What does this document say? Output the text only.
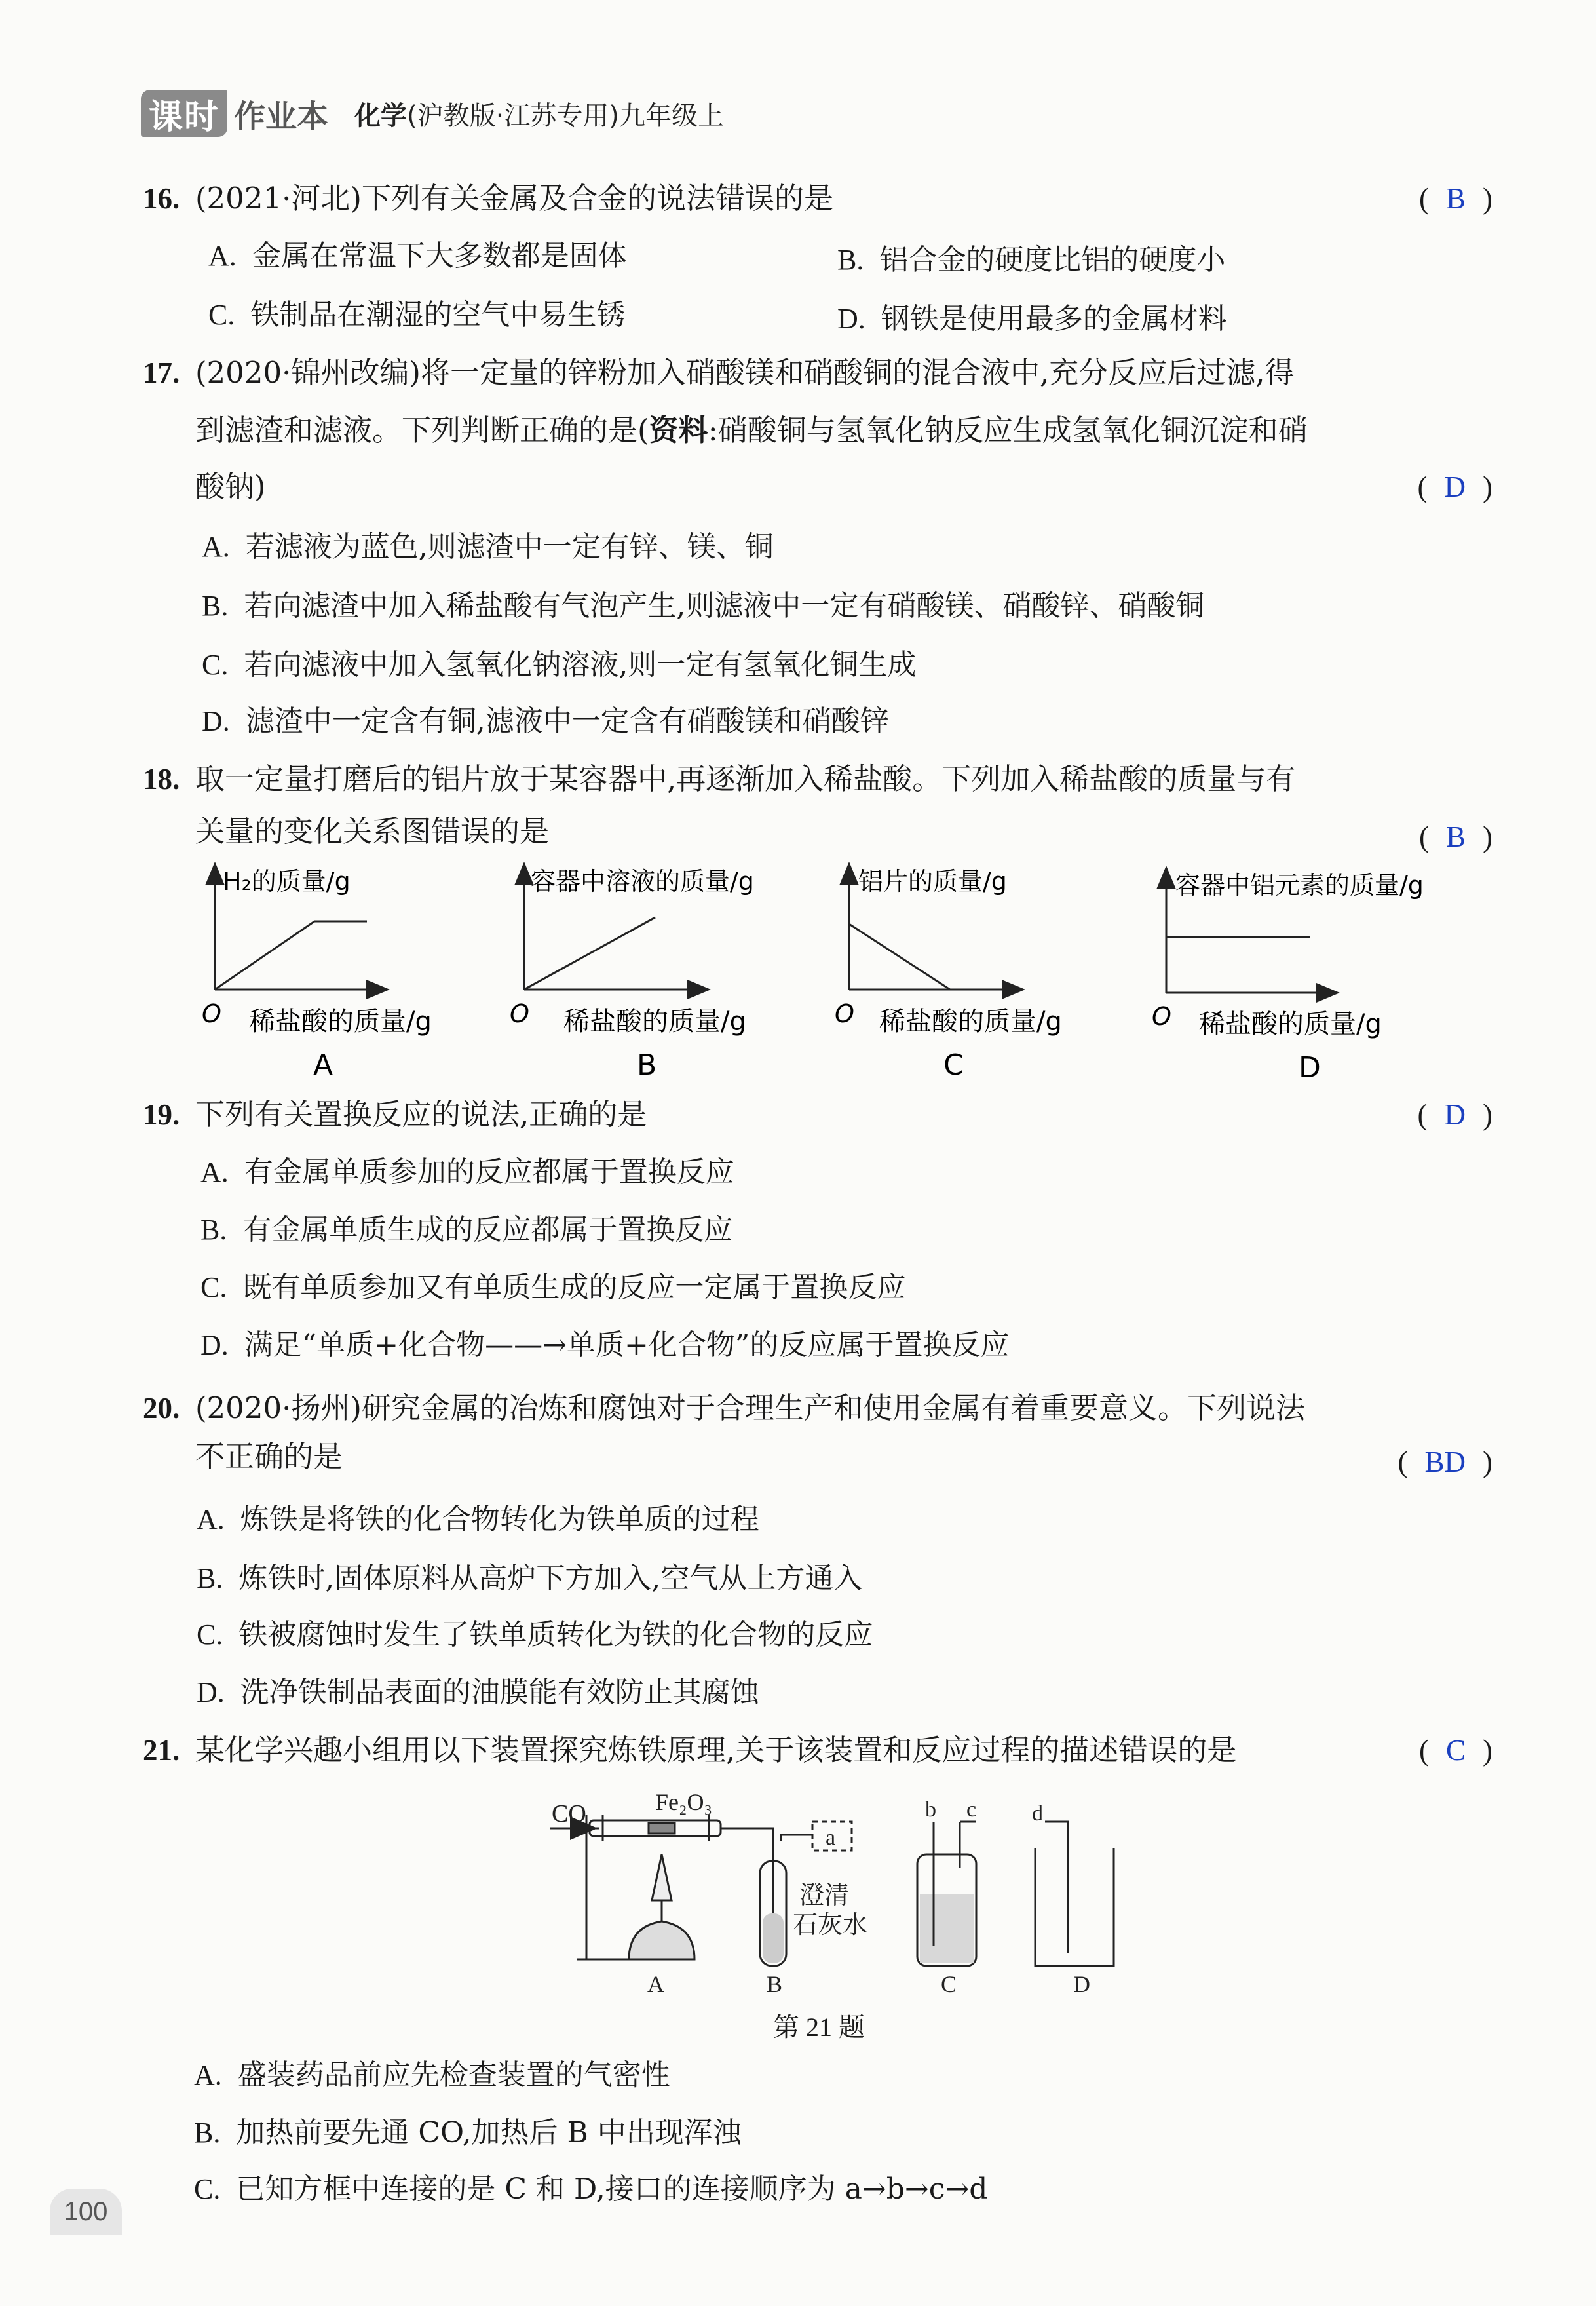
课时 作业本 化学(沪教版·江苏专用)九年级上
16. (2021·河北)下列有关金属及合金的说法错误的是	( B )
A. 金属在常温下大多数都是固体	B. 铝合金的硬度比铝的硬度小
C. 铁制品在潮湿的空气中易生锈	D. 钢铁是使用最多的金属材料
17. (2020·锦州改编)将一定量的锌粉加入硝酸镁和硝酸铜的混合液中,充分反应后过滤,得
到滤渣和滤液。下列判断正确的是(资料:硝酸铜与氢氧化钠反应生成氢氧化铜沉淀和硝
酸钠)	( D )
A. 若滤液为蓝色,则滤渣中一定有锌、镁、铜
B. 若向滤渣中加入稀盐酸有气泡产生,则滤液中一定有硝酸镁、硝酸锌、硝酸铜
C. 若向滤液中加入氢氧化钠溶液,则一定有氢氧化铜生成
D. 滤渣中一定含有铜,滤液中一定含有硝酸镁和硝酸锌
18. 取一定量打磨后的铝片放于某容器中,再逐渐加入稀盐酸。下列加入稀盐酸的质量与有
关量的变化关系图错误的是	( B )
H₂的质量/g
O 稀盐酸的质量/g
A
容器中溶液的质量/g
O 稀盐酸的质量/g
B
铝片的质量/g
O 稀盐酸的质量/g
C
容器中铝元素的质量/g
O 稀盐酸的质量/g
D
19. 下列有关置换反应的说法,正确的是	( D )
A. 有金属单质参加的反应都属于置换反应
B. 有金属单质生成的反应都属于置换反应
C. 既有单质参加又有单质生成的反应一定属于置换反应
D. 满足“单质+化合物——→单质+化合物”的反应属于置换反应
20. (2020·扬州)研究金属的冶炼和腐蚀对于合理生产和使用金属有着重要意义。下列说法
不正确的是	( BD )
A. 炼铁是将铁的化合物转化为铁单质的过程
B. 炼铁时,固体原料从高炉下方加入,空气从上方通入
C. 铁被腐蚀时发生了铁单质转化为铁的化合物的反应
D. 洗净铁制品表面的油膜能有效防止其腐蚀
21. 某化学兴趣小组用以下装置探究炼铁原理,关于该装置和反应过程的描述错误的是	( C )
CO	Fe₂O₃
a
b c d
A	B	C	D
澄清
石灰水
第 21 题
A. 盛装药品前应先检查装置的气密性
B. 加热前要先通 CO,加热后 B 中出现浑浊
C. 已知方框中连接的是 C 和 D,接口的连接顺序为 a→b→c→d
100
